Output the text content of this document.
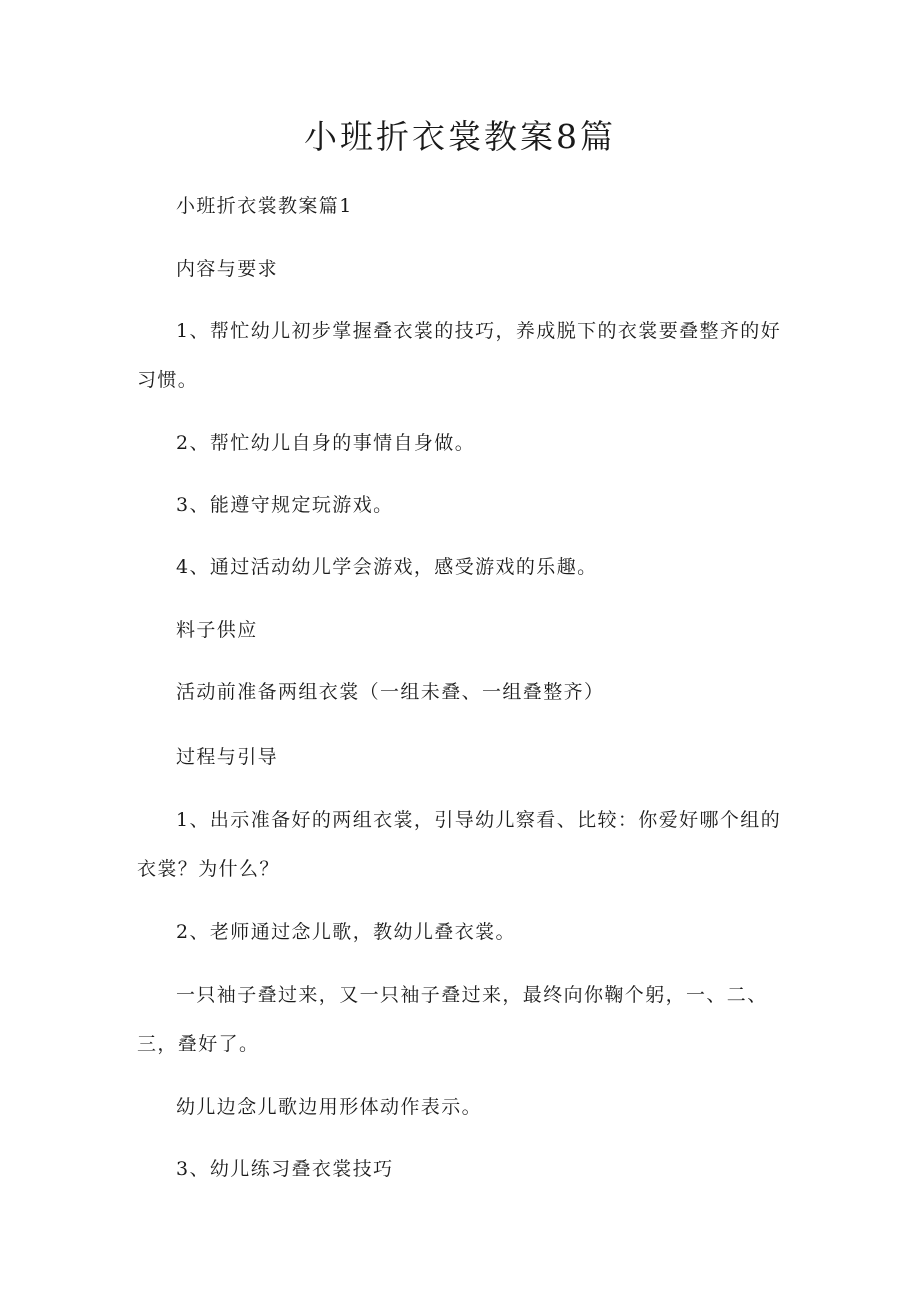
小班折衣裳教案8篇

小班折衣裳教案篇1

内容与要求

1、帮忙幼儿初步掌握叠衣裳的技巧，养成脱下的衣裳要叠整齐的好

习惯。

2、帮忙幼儿自身的事情自身做。

3、能遵守规定玩游戏。

4、通过活动幼儿学会游戏，感受游戏的乐趣。

料子供应

活动前准备两组衣裳（一组未叠、一组叠整齐）

过程与引导

1、出示准备好的两组衣裳，引导幼儿察看、比较：你爱好哪个组的

衣裳？为什么？

2、老师通过念儿歌，教幼儿叠衣裳。

一只袖子叠过来，又一只袖子叠过来，最终向你鞠个躬，一、二、

三，叠好了。

幼儿边念儿歌边用形体动作表示。

3、幼儿练习叠衣裳技巧
